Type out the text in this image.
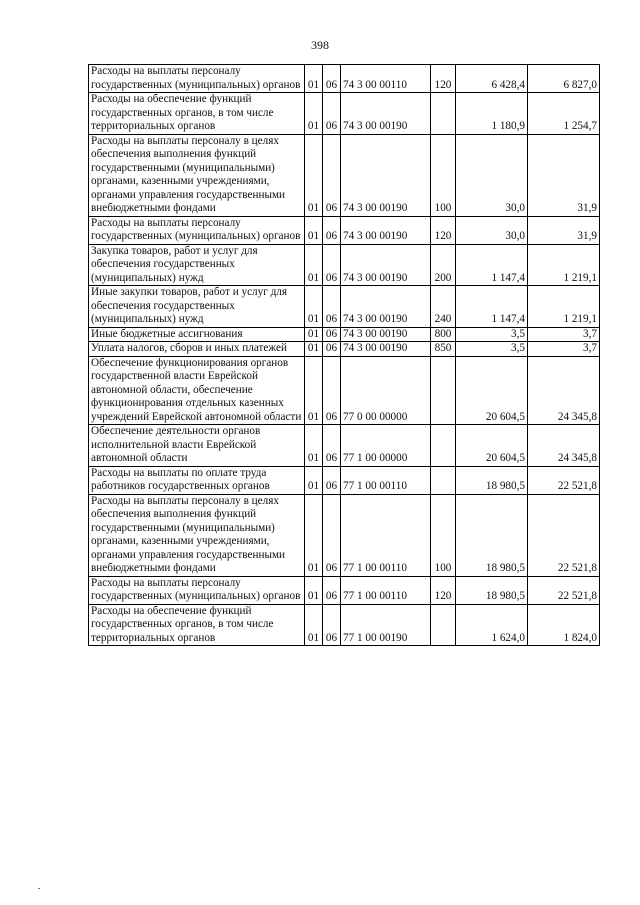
398
Расходы на выплаты персоналу государственных (муниципальных) органов	01	06	74 3 00 00110	120	6 428,4	6 827,0
Расходы на обеспечение функций государственных органов, в том числе территориальных органов	01	06	74 3 00 00190		1 180,9	1 254,7
Расходы на выплаты персоналу в целях обеспечения выполнения функций государственными (муниципальными) органами, казенными учреждениями, органами управления государственными внебюджетными фондами	01	06	74 3 00 00190	100	30,0	31,9
Расходы на выплаты персоналу государственных (муниципальных) органов	01	06	74 3 00 00190	120	30,0	31,9
Закупка товаров, работ и услуг для обеспечения государственных (муниципальных) нужд	01	06	74 3 00 00190	200	1 147,4	1 219,1
Иные закупки товаров, работ и услуг для обеспечения государственных (муниципальных) нужд	01	06	74 3 00 00190	240	1 147,4	1 219,1
Иные бюджетные ассигнования	01	06	74 3 00 00190	800	3,5	3,7
Уплата налогов, сборов и иных платежей	01	06	74 3 00 00190	850	3,5	3,7
Обеспечение функционирования органов государственной власти Еврейской автономной области, обеспечение функционирования отдельных казенных учреждений Еврейской автономной области	01	06	77 0 00 00000		20 604,5	24 345,8
Обеспечение деятельности органов исполнительной власти Еврейской автономной области	01	06	77 1 00 00000		20 604,5	24 345,8
Расходы на выплаты по оплате труда работников государственных органов	01	06	77 1 00 00110		18 980,5	22 521,8
Расходы на выплаты персоналу в целях обеспечения выполнения функций государственными (муниципальными) органами, казенными учреждениями, органами управления государственными внебюджетными фондами	01	06	77 1 00 00110	100	18 980,5	22 521,8
Расходы на выплаты персоналу государственных (муниципальных) органов	01	06	77 1 00 00110	120	18 980,5	22 521,8
Расходы на обеспечение функций государственных органов, в том числе территориальных органов	01	06	77 1 00 00190		1 624,0	1 824,0
